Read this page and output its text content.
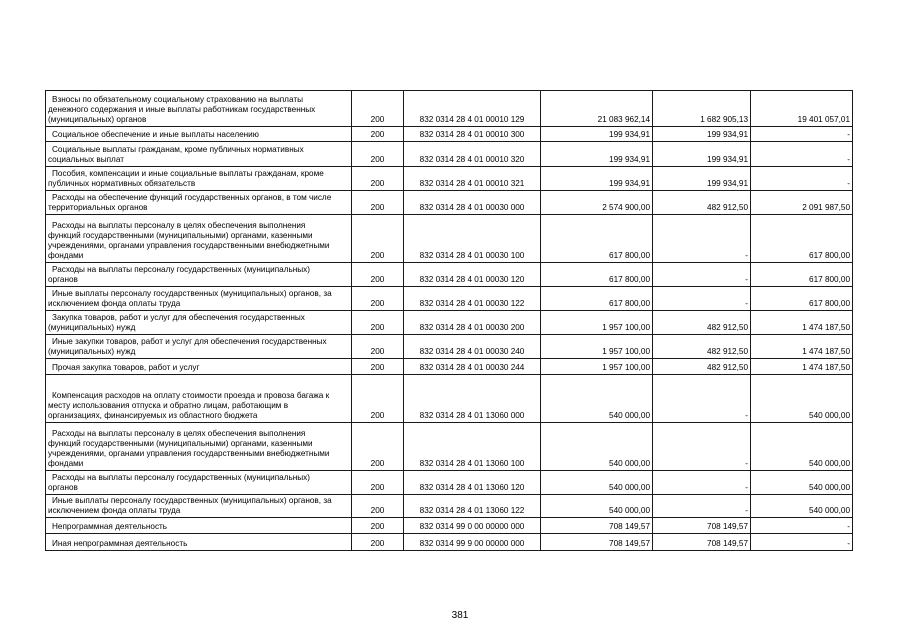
Взносы по обязательному социальному страхованию на выплаты
денежного содержания и иные выплаты работникам государственных
(муниципальных) органов	200	832 0314 28 4 01 00010 129	21 083 962,14	1 682 905,13	19 401 057,01
Социальное обеспечение и иные выплаты населению	200	832 0314 28 4 01 00010 300	199 934,91	199 934,91	-
Социальные выплаты гражданам, кроме публичных нормативных
социальных выплат	200	832 0314 28 4 01 00010 320	199 934,91	199 934,91	-
Пособия, компенсации и иные социальные выплаты гражданам, кроме
публичных нормативных обязательств	200	832 0314 28 4 01 00010 321	199 934,91	199 934,91	-
Расходы на обеспечение функций государственных органов, в том числе
территориальных органов	200	832 0314 28 4 01 00030 000	2 574 900,00	482 912,50	2 091 987,50
Расходы на выплаты персоналу в целях обеспечения выполнения
функций государственными (муниципальными) органами, казенными
учреждениями, органами управления государственными внебюджетными
фондами	200	832 0314 28 4 01 00030 100	617 800,00	-	617 800,00
Расходы на выплаты персоналу государственных (муниципальных)
органов	200	832 0314 28 4 01 00030 120	617 800,00	-	617 800,00
Иные выплаты персоналу государственных (муниципальных) органов, за
исключением фонда оплаты труда	200	832 0314 28 4 01 00030 122	617 800,00	-	617 800,00
Закупка товаров, работ и услуг для обеспечения государственных
(муниципальных) нужд	200	832 0314 28 4 01 00030 200	1 957 100,00	482 912,50	1 474 187,50
Иные закупки товаров, работ и услуг для обеспечения государственных
(муниципальных) нужд	200	832 0314 28 4 01 00030 240	1 957 100,00	482 912,50	1 474 187,50
Прочая закупка товаров, работ и услуг	200	832 0314 28 4 01 00030 244	1 957 100,00	482 912,50	1 474 187,50
Компенсация расходов на оплату стоимости проезда и провоза багажа к
месту использования отпуска и обратно лицам, работающим в
организациях, финансируемых из областного бюджета	200	832 0314 28 4 01 13060 000	540 000,00	-	540 000,00
Расходы на выплаты персоналу в целях обеспечения выполнения
функций государственными (муниципальными) органами, казенными
учреждениями, органами управления государственными внебюджетными
фондами	200	832 0314 28 4 01 13060 100	540 000,00	-	540 000,00
Расходы на выплаты персоналу государственных (муниципальных)
органов	200	832 0314 28 4 01 13060 120	540 000,00	-	540 000,00
Иные выплаты персоналу государственных (муниципальных) органов, за
исключением фонда оплаты труда	200	832 0314 28 4 01 13060 122	540 000,00	-	540 000,00
Непрограммная деятельность	200	832 0314 99 0 00 00000 000	708 149,57	708 149,57	-
Иная непрограммная деятельность	200	832 0314 99 9 00 00000 000	708 149,57	708 149,57	-
381
